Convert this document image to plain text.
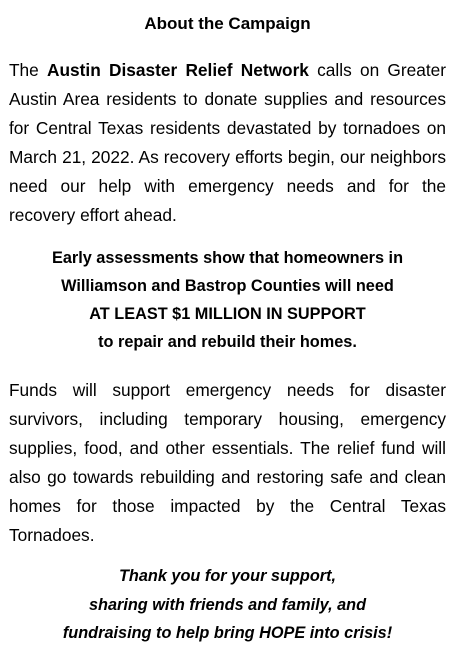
About the Campaign

The Austin Disaster Relief Network calls on Greater Austin Area residents to donate supplies and resources for Central Texas residents devastated by tornadoes on March 21, 2022. As recovery efforts begin, our neighbors need our help with emergency needs and for the recovery effort ahead.

Early assessments show that homeowners in
Williamson and Bastrop Counties will need
AT LEAST $1 MILLION IN SUPPORT
to repair and rebuild their homes.

Funds will support emergency needs for disaster survivors, including temporary housing, emergency supplies, food, and other essentials. The relief fund will also go towards rebuilding and restoring safe and clean homes for those impacted by the Central Texas Tornadoes.

Thank you for your support,
sharing with friends and family, and
fundraising to help bring HOPE into crisis!
